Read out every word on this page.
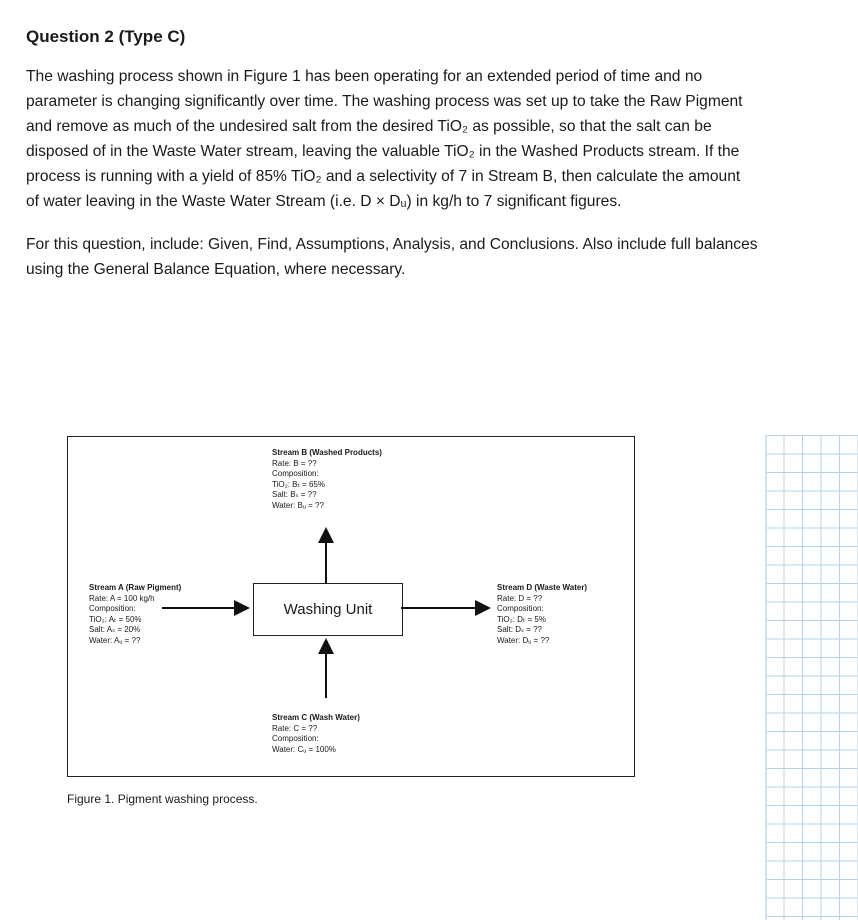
Question 2 (Type C)
The washing process shown in Figure 1 has been operating for an extended period of time and no
parameter is changing significantly over time. The washing process was set up to take the Raw Pigment
and remove as much of the undesired salt from the desired TiO₂ as possible, so that the salt can be
disposed of in the Waste Water stream, leaving the valuable TiO₂ in the Washed Products stream. If the
process is running with a yield of 85% TiO₂ and a selectivity of 7 in Stream B, then calculate the amount
of water leaving in the Waste Water Stream (i.e. D × Dᵤ) in kg/h to 7 significant figures.
For this question, include: Given, Find, Assumptions, Analysis, and Conclusions. Also include full balances
using the General Balance Equation, where necessary.
Washing Unit
Stream B (Washed Products)
Rate: B = ??
Composition:
TiO₂: Bₜ = 65%
Salt: Bₛ = ??
Water: Bᵤ = ??
Stream A (Raw Pigment)
Rate: A = 100 kg/h
Composition:
TiO₂: Aₜ = 50%
Salt: Aₛ = 20%
Water: Aᵤ = ??
Stream D (Waste Water)
Rate: D = ??
Composition:
TiO₂: Dₜ = 5%
Salt: Dₛ = ??
Water: Dᵤ = ??
Stream C (Wash Water)
Rate: C = ??
Composition:
Water: Cᵤ = 100%
Figure 1. Pigment washing process.
